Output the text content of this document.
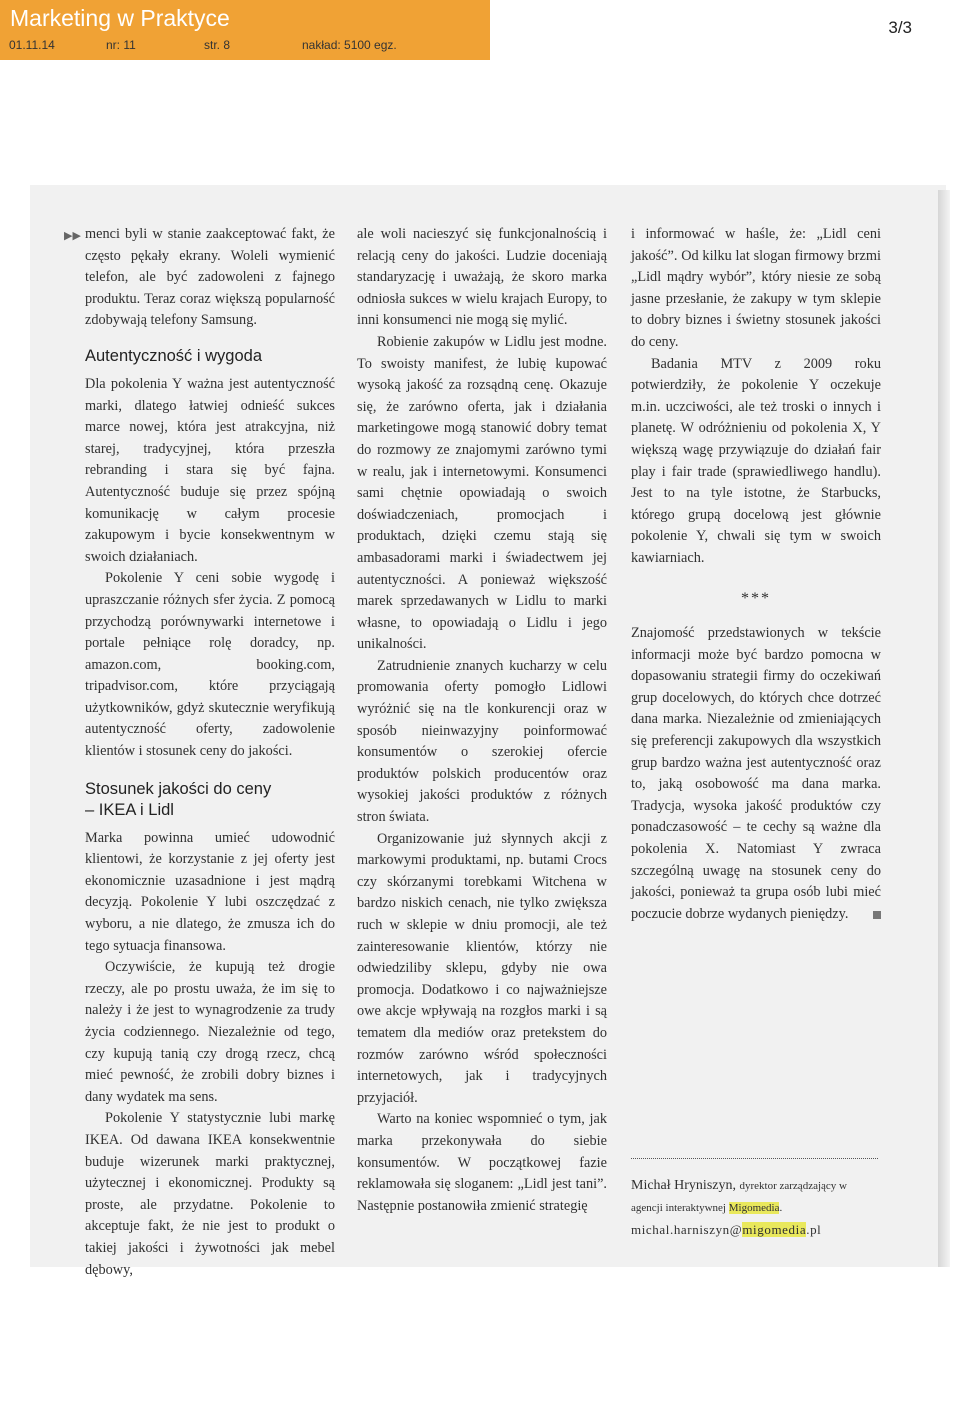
Marketing w Praktyce
01.11.14	nr: 11	str. 8	nakład: 5100 egz.
3/3
▶▶ menci byli w stanie zaakceptować fakt, że często pękały ekrany. Woleli wymienić telefon, ale być zadowoleni z fajnego produktu. Teraz coraz większą popularność zdobywają telefony Samsung.

Autentyczność i wygoda

Dla pokolenia Y ważna jest autentyczność marki, dlatego łatwiej odnieść sukces marce nowej, która jest atrakcyjna, niż starej, tradycyjnej, która przeszła rebranding i stara się być fajna. Autentyczność buduje się przez spójną komunikację w całym procesie zakupowym i bycie konsekwentnym w swoich działaniach.

Pokolenie Y ceni sobie wygodę i upraszczanie różnych sfer życia. Z pomocą przychodzą porównywarki internetowe i portale pełniące rolę doradcy, np. amazon.com, booking.com, tripadvisor.com, które przyciągają użytkowników, gdyż skutecznie weryfikują autentyczność oferty, zadowolenie klientów i stosunek ceny do jakości.

Stosunek jakości do ceny
– IKEA i Lidl

Marka powinna umieć udowodnić klientowi, że korzystanie z jej oferty jest ekonomicznie uzasadnione i jest mądrą decyzją. Pokolenie Y lubi oszczędzać z wyboru, a nie dlatego, że zmusza ich do tego sytuacja finansowa.

Oczywiście, że kupują też drogie rzeczy, ale po prostu uważa, że im się to należy i że jest to wynagrodzenie za trudy życia codziennego. Niezależnie od tego, czy kupują tanią czy drogą rzecz, chcą mieć pewność, że zrobili dobry biznes i dany wydatek ma sens.

Pokolenie Y statystycznie lubi markę IKEA. Od dawana IKEA konsekwentnie buduje wizerunek marki praktycznej, użytecznej i ekonomicznej. Produkty są proste, ale przydatne. Pokolenie to akceptuje fakt, że nie jest to produkt o takiej jakości i żywotności jak mebel dębowy,

ale woli nacieszyć się funkcjonalnością i relacją ceny do jakości. Ludzie doceniają standaryzację i uważają, że skoro marka odniosła sukces w wielu krajach Europy, to inni konsumenci nie mogą się mylić.

Robienie zakupów w Lidlu jest modne. To swoisty manifest, że lubię kupować wysoką jakość za rozsądną cenę. Okazuje się, że zarówno oferta, jak i działania marketingowe mogą stanowić dobry temat do rozmowy ze znajomymi zarówno tymi w realu, jak i internetowymi. Konsumenci sami chętnie opowiadają o swoich doświadczeniach, promocjach i produktach, dzięki czemu stają się ambasadorami marki i świadectwem jej autentyczności. A ponieważ większość marek sprzedawanych w Lidlu to marki własne, to opowiadają o Lidlu i jego unikalności.

Zatrudnienie znanych kucharzy w celu promowania oferty pomogło Lidlowi wyróżnić się na tle konkurencji oraz w sposób nieinwazyjny poinformować konsumentów o szerokiej ofercie produktów polskich producentów oraz wysokiej jakości produktów z różnych stron świata.

Organizowanie już słynnych akcji z markowymi produktami, np. butami Crocs czy skórzanymi torebkami Witchena w bardzo niskich cenach, nie tylko zwiększa ruch w sklepie w dniu promocji, ale też zainteresowanie klientów, którzy nie odwiedziliby sklepu, gdyby nie owa promocja. Dodatkowo i co najważniejsze owe akcje wpływają na rozgłos marki i są tematem dla mediów oraz pretekstem do rozmów zarówno wśród społeczności internetowych, jak i tradycyjnych przyjaciół.

Warto na koniec wspomnieć o tym, jak marka przekonywała do siebie konsumentów. W początkowej fazie reklamowała się sloganem: „Lidl jest tani”. Następnie postanowiła zmienić strategię

i informować w haśle, że: „Lidl ceni jakość”. Od kilku lat slogan firmowy brzmi „Lidl mądry wybór”, który niesie ze sobą jasne przesłanie, że zakupy w tym sklepie to dobry biznes i świetny stosunek jakości do ceny.

Badania MTV z 2009 roku potwierdziły, że pokolenie Y oczekuje m.in. uczciwości, ale też troski o innych i planetę. W odróżnieniu od pokolenia X, Y większą wagę przywiązuje do działań fair play i fair trade (sprawiedliwego handlu). Jest to na tyle istotne, że Starbucks, którego grupą docelową jest głównie pokolenie Y, chwali się tym w swoich kawiarniach.

***

Znajomość przedstawionych w tekście informacji może być bardzo pomocna w dopasowaniu strategii firmy do oczekiwań grup docelowych, do których chce dotrzeć dana marka. Niezależnie od zmieniających się preferencji zakupowych dla wszystkich grup bardzo ważna jest autentyczność oraz to, jaką osobowość ma dana marka. Tradycja, wysoka jakość produktów czy ponadczasowość – te cechy są ważne dla pokolenia X. Natomiast Y zwraca szczególną uwagę na stosunek ceny do jakości, ponieważ ta grupa osób lubi mieć poczucie dobrze wydanych pieniędzy.

Michał Hryniszyn, dyrektor zarządzający w
agencji interaktywnej Migomedia.
michal.harniszyn@migomedia.pl
